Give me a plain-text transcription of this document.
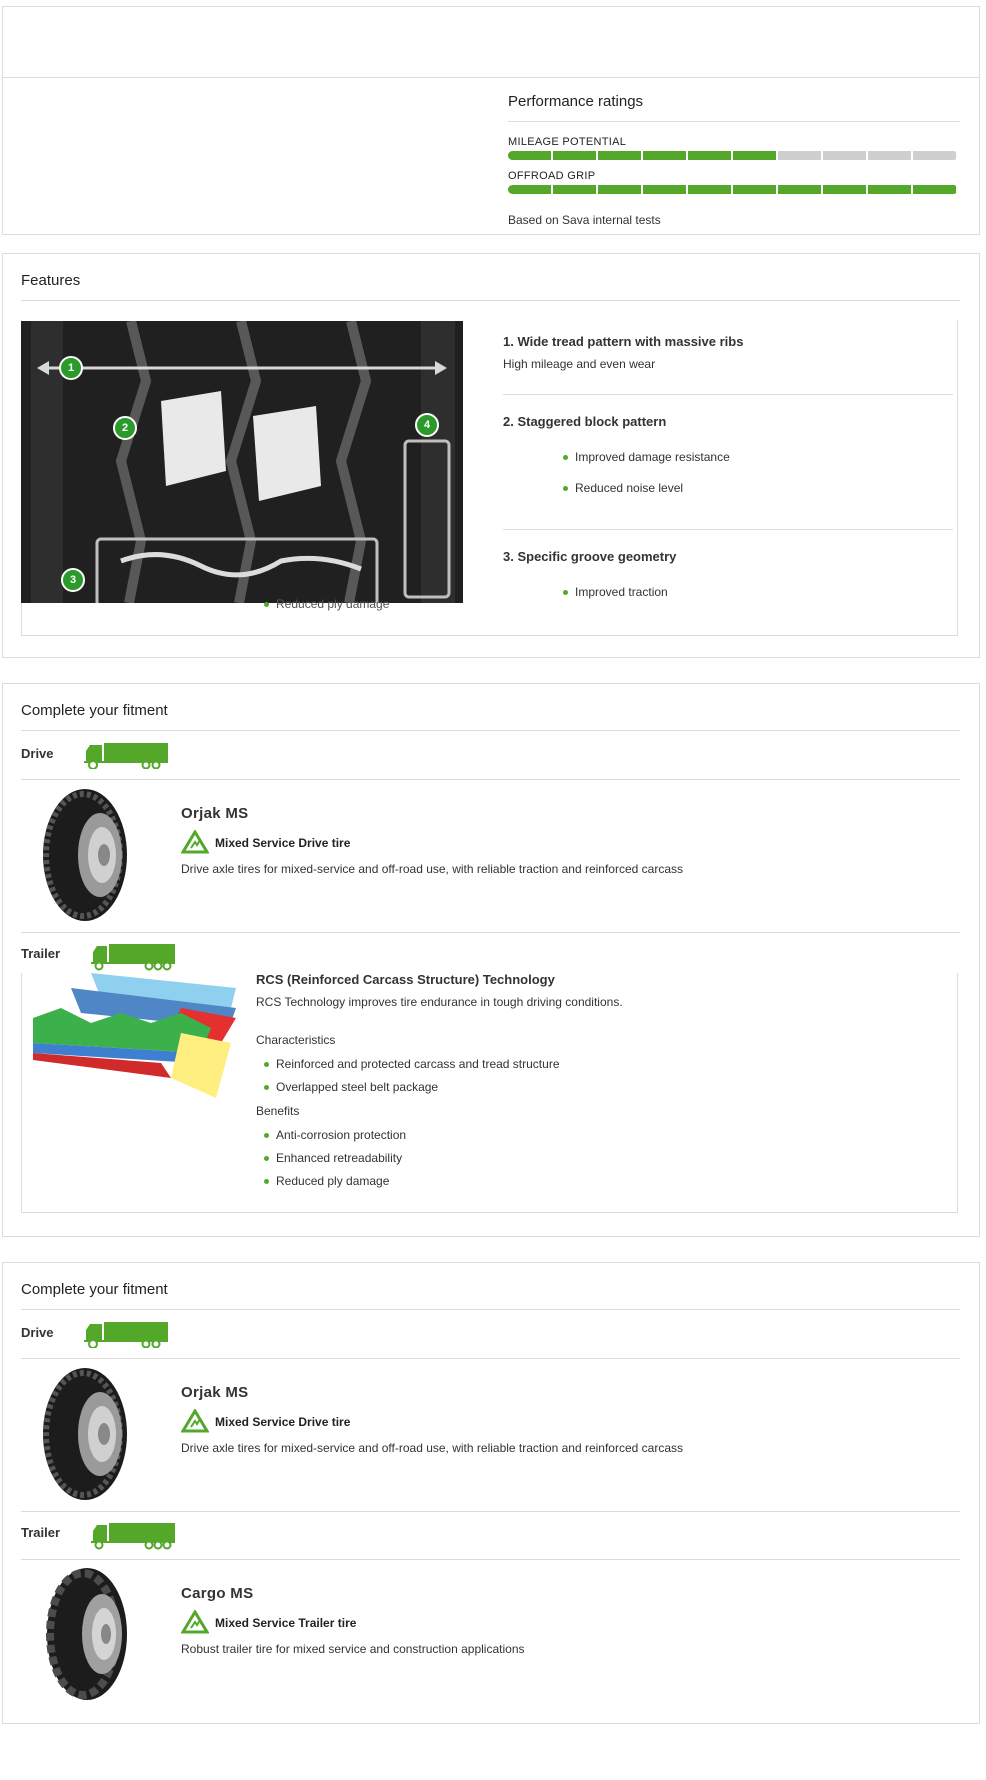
Performance ratings
MILEAGE POTENTIAL
OFFROAD GRIP
Based on Sava internal tests
Features
1
2
3
4
1. Wide tread pattern with massive ribs
High mileage and even wear
2. Staggered block pattern
Improved damage resistance
Reduced noise level
3. Specific groove geometry
Improved traction
Reduced ply damage
Complete your fitment
Drive
Orjak MS
Mixed Service Drive tire
Drive axle tires for mixed-service and off-road use, with reliable traction and reinforced carcass
Trailer
RCS (Reinforced Carcass Structure) Technology
RCS Technology improves tire endurance in tough driving conditions.
Characteristics
Reinforced and protected carcass and tread structure
Overlapped steel belt package
Benefits
Anti-corrosion protection
Enhanced retreadability
Reduced ply damage
Complete your fitment
Drive
Orjak MS
Mixed Service Drive tire
Drive axle tires for mixed-service and off-road use, with reliable traction and reinforced carcass
Trailer
Cargo MS
Mixed Service Trailer tire
Robust trailer tire for mixed service and construction applications
